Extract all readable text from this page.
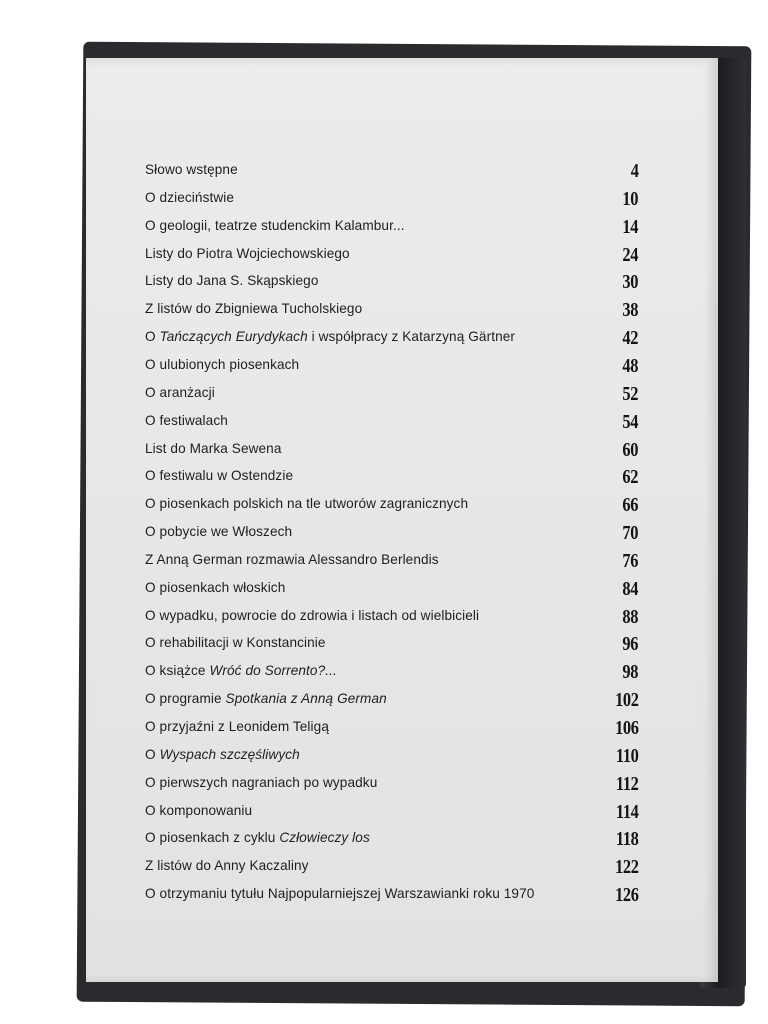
Słowo wstępne	4
O dzieciństwie	10
O geologii, teatrze studenckim Kalambur...	14
Listy do Piotra Wojciechowskiego	24
Listy do Jana S. Skąpskiego	30
Z listów do Zbigniewa Tucholskiego	38
O Tańczących Eurydykach i współpracy z Katarzyną Gärtner	42
O ulubionych piosenkach	48
O aranżacji	52
O festiwalach	54
List do Marka Sewena	60
O festiwalu w Ostendzie	62
O piosenkach polskich na tle utworów zagranicznych	66
O pobycie we Włoszech	70
Z Anną German rozmawia Alessandro Berlendis	76
O piosenkach włoskich	84
O wypadku, powrocie do zdrowia i listach od wielbicieli	88
O rehabilitacji w Konstancinie	96
O książce Wróć do Sorrento?...	98
O programie Spotkania z Anną German	102
O przyjaźni z Leonidem Teligą	106
O Wyspach szczęśliwych	110
O pierwszych nagraniach po wypadku	112
O komponowaniu	114
O piosenkach z cyklu Człowieczy los	118
Z listów do Anny Kaczaliny	122
O otrzymaniu tytułu Najpopularniejszej Warszawianki roku 1970	126
